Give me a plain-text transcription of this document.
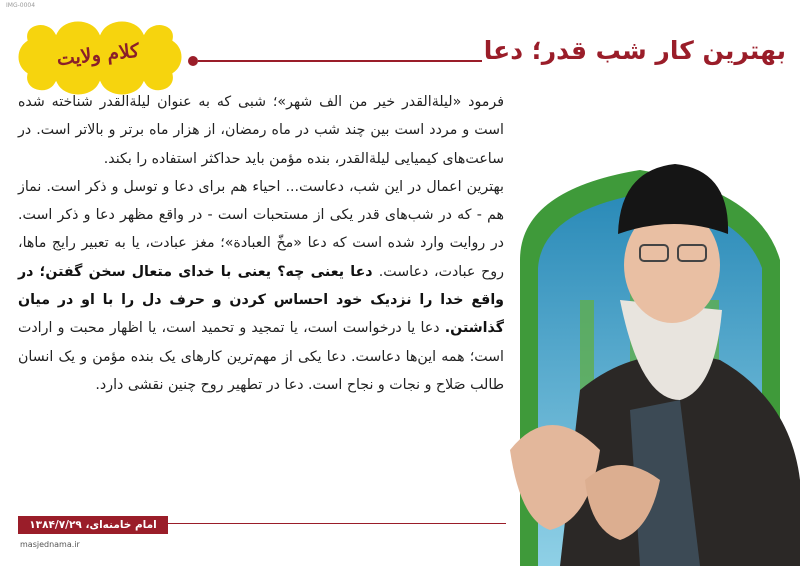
IMG-0004
کلام ولایت	بهترین کار شب قدر؛ دعا

فرمود «لیلة‌القدر خیر من الف شهر»؛ شبی که به عنوان لیلة‌القدر شناخته شده است و مردد است بین چند شب در ماه رمضان، از هزار ماه برتر و بالاتر است. در ساعت‌های کیمیایی لیلة‌القدر، بنده مؤمن باید حداکثر استفاده را بکند.

بهترین اعمال در این شب، دعاست... احیاء هم برای دعا و توسل و ذکر است. نماز هم - که در شب‌های قدر یکی از مستحبات است - در واقع مظهر دعا و ذکر است. در روایت وارد شده است که دعا «مخّ العبادة»؛ مغز عبادت، یا به تعبیر رایج ماها، روح عبادت، دعاست. دعا یعنی چه؟ یعنی با خدای متعال سخن گفتن؛ در واقع خدا را نزدیک خود احساس کردن و حرف دل را با او در میان گذاشتن. دعا یا درخواست است، یا تمجید و تحمید است، یا اظهار محبت و ارادت است؛ همه این‌ها دعاست. دعا یکی از مهم‌ترین کارهای یک بنده مؤمن و یک انسان طالب صَلاح و نجات و نجاح است. دعا در تطهیر روح چنین نقشی دارد.

امام خامنه‌ای، ۱۳۸۴/۷/۲۹
masjednama.ir
